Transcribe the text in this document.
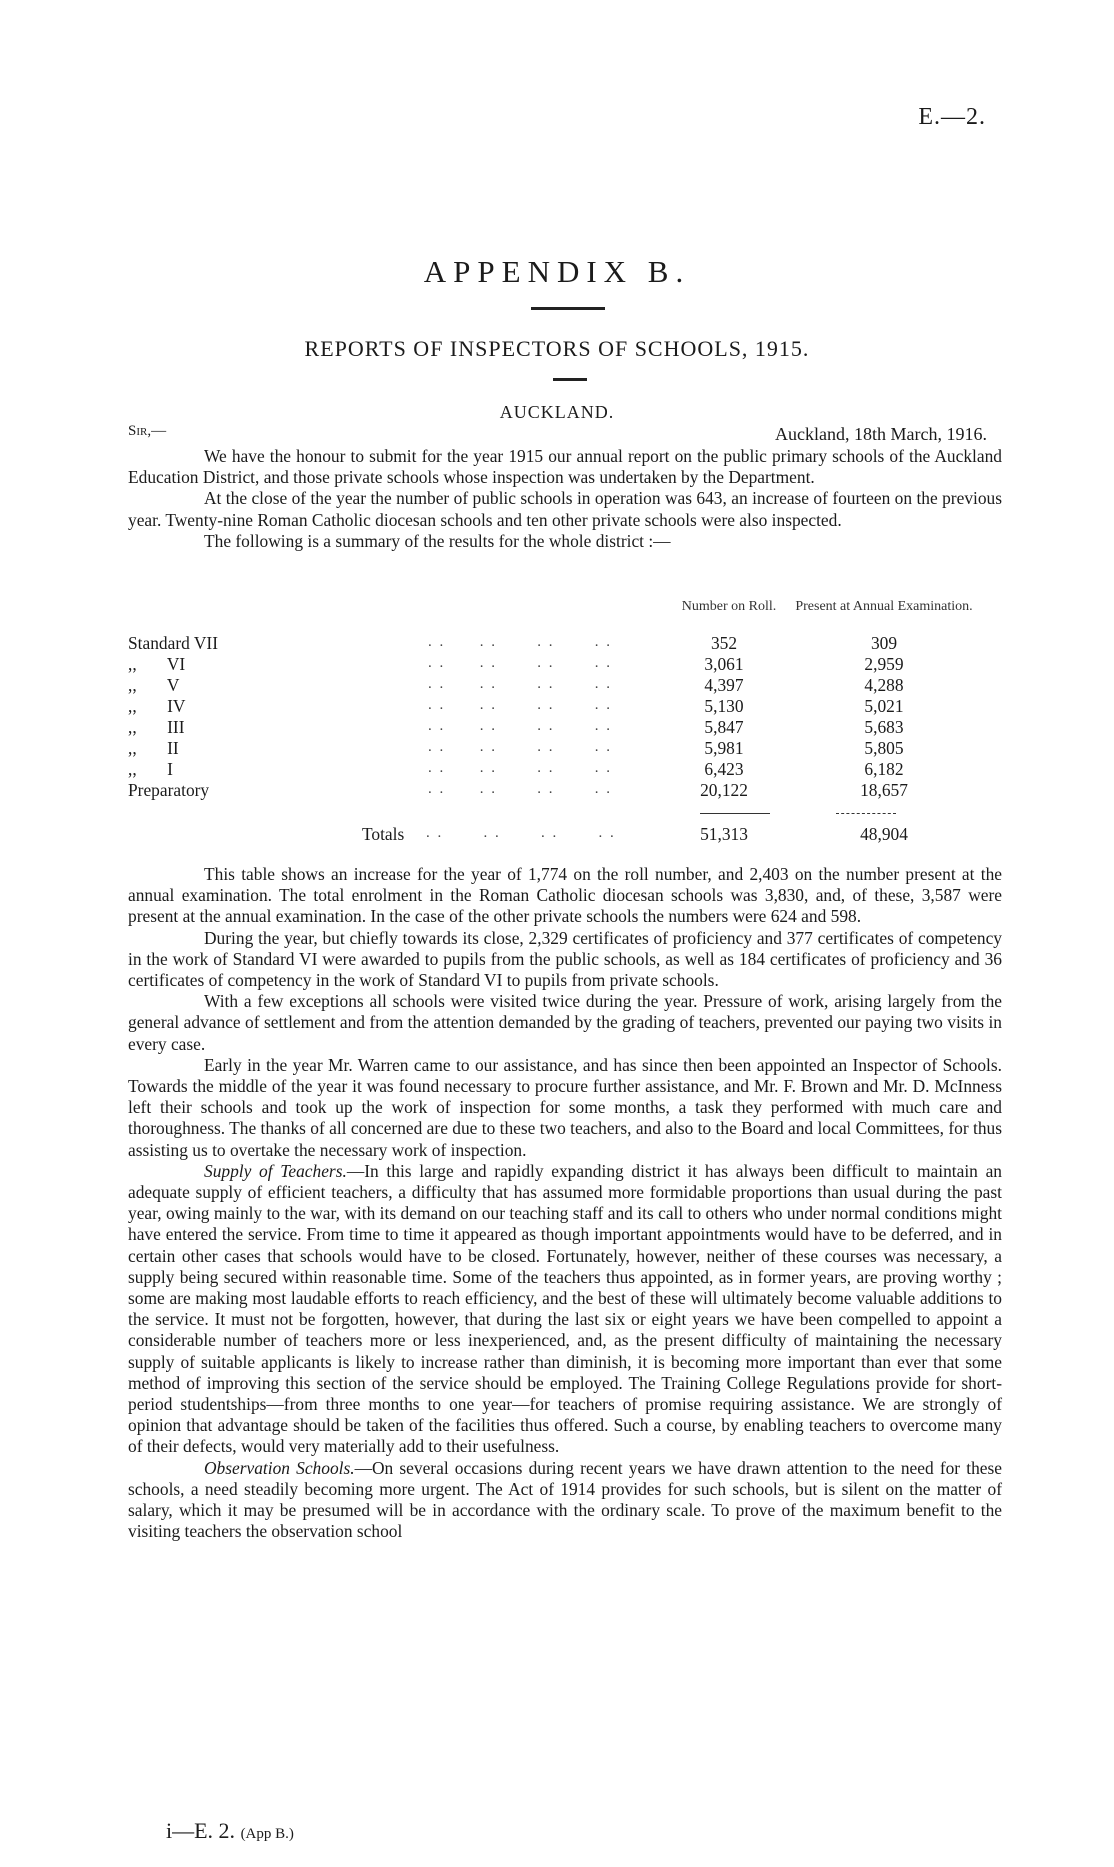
E.—2.
APPENDIX B.
REPORTS OF INSPECTORS OF SCHOOLS, 1915.
AUCKLAND.
Sir,—	Auckland, 18th March, 1916.

We have the honour to submit for the year 1915 our annual report on the public primary schools of the Auckland Education District, and those private schools whose inspection was undertaken by the Department.

At the close of the year the number of public schools in operation was 643, an increase of fourteen on the previous year. Twenty-nine Roman Catholic diocesan schools and ten other private schools were also inspected.

The following is a summary of the results for the whole district :—

Number on Roll.	Present at Annual Examination.
Standard VII	. .      . .       . .       . .	352	309
,,       VI	. .      . .       . .       . .	3,061	2,959
,,       V	. .      . .       . .       . .	4,397	4,288
,,       IV	. .      . .       . .       . .	5,130	5,021
,,       III	. .      . .       . .       . .	5,847	5,683
,,       II	. .      . .       . .       . .	5,981	5,805
,,       I	. .      . .       . .       . .	6,423	6,182
Preparatory	. .      . .       . .       . .	20,122	18,657
Totals . .       . .       . .       . .	51,313	48,904

This table shows an increase for the year of 1,774 on the roll number, and 2,403 on the number present at the annual examination. The total enrolment in the Roman Catholic diocesan schools was 3,830, and, of these, 3,587 were present at the annual examination. In the case of the other private schools the numbers were 624 and 598.

During the year, but chiefly towards its close, 2,329 certificates of proficiency and 377 certificates of competency in the work of Standard VI were awarded to pupils from the public schools, as well as 184 certificates of proficiency and 36 certificates of competency in the work of Standard VI to pupils from private schools.

With a few exceptions all schools were visited twice during the year. Pressure of work, arising largely from the general advance of settlement and from the attention demanded by the grading of teachers, prevented our paying two visits in every case.

Early in the year Mr. Warren came to our assistance, and has since then been appointed an Inspector of Schools. Towards the middle of the year it was found necessary to procure further assistance, and Mr. F. Brown and Mr. D. McInness left their schools and took up the work of inspection for some months, a task they performed with much care and thoroughness. The thanks of all concerned are due to these two teachers, and also to the Board and local Committees, for thus assisting us to overtake the necessary work of inspection.

Supply of Teachers.—In this large and rapidly expanding district it has always been difficult to maintain an adequate supply of efficient teachers, a difficulty that has assumed more formidable proportions than usual during the past year, owing mainly to the war, with its demand on our teaching staff and its call to others who under normal conditions might have entered the service. From time to time it appeared as though important appointments would have to be deferred, and in certain other cases that schools would have to be closed. Fortunately, however, neither of these courses was necessary, a supply being secured within reasonable time. Some of the teachers thus appointed, as in former years, are proving worthy ; some are making most laudable efforts to reach efficiency, and the best of these will ultimately become valuable additions to the service. It must not be forgotten, however, that during the last six or eight years we have been compelled to appoint a considerable number of teachers more or less inexperienced, and, as the present difficulty of maintaining the necessary supply of suitable applicants is likely to increase rather than diminish, it is becoming more important than ever that some method of improving this section of the service should be employed. The Training College Regulations provide for short-period studentships—from three months to one year—for teachers of promise requiring assistance. We are strongly of opinion that advantage should be taken of the facilities thus offered. Such a course, by enabling teachers to overcome many of their defects, would very materially add to their usefulness.

Observation Schools.—On several occasions during recent years we have drawn attention to the need for these schools, a need steadily becoming more urgent. The Act of 1914 provides for such schools, but is silent on the matter of salary, which it may be presumed will be in accordance with the ordinary scale. To prove of the maximum benefit to the visiting teachers the observation school

i—E. 2. (App B.)
